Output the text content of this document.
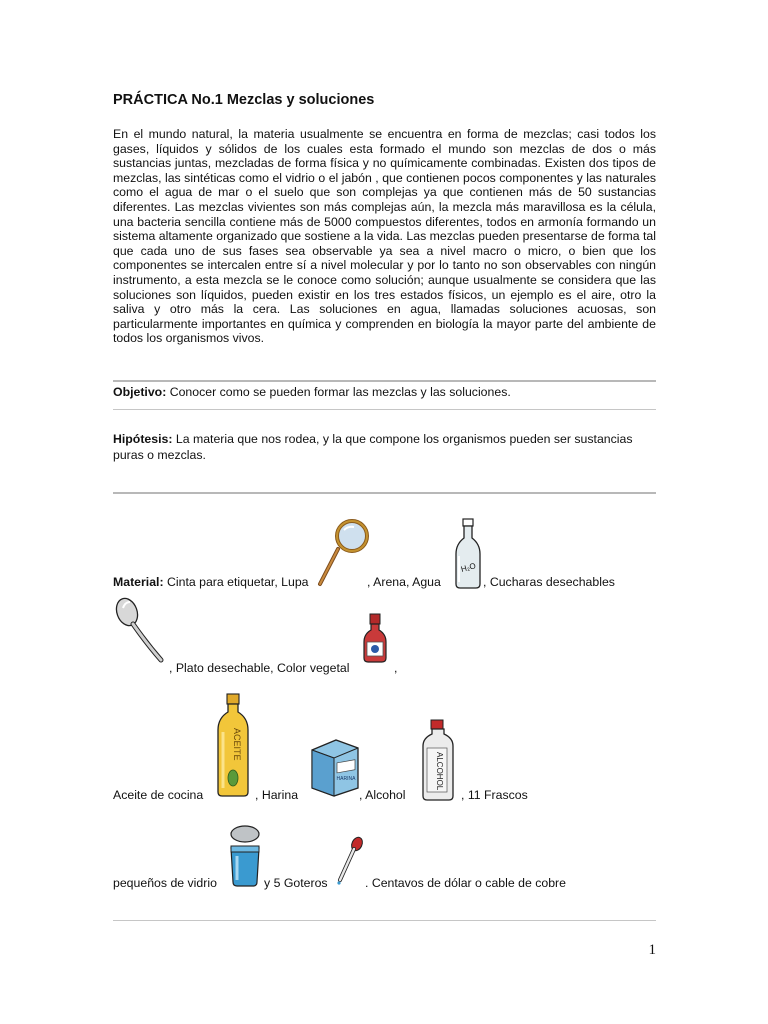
PRÁCTICA No.1 Mezclas y soluciones

En el mundo natural, la materia usualmente se encuentra en forma de mezclas; casi todos los gases, líquidos y sólidos de los cuales esta formado el mundo son mezclas de dos o más sustancias juntas, mezcladas de forma física y no químicamente combinadas. Existen dos tipos de mezclas, las sintéticas como el vidrio o el jabón , que contienen pocos componentes y las naturales como el agua de mar o el suelo que son complejas ya que contienen más de 50 sustancias diferentes. Las mezclas vivientes son más complejas aún, la mezcla más maravillosa es la célula, una bacteria sencilla contiene más de 5000 compuestos diferentes, todos en armonía formando un sistema altamente organizado que sostiene a la vida. Las mezclas pueden presentarse de forma tal que cada uno de sus fases sea observable ya sea a nivel macro o micro, o bien que los componentes se intercalen entre sí a nivel molecular y por lo tanto no son observables con ningún instrumento, a esta mezcla se le conoce como solución; aunque usualmente se considera que las soluciones son líquidos, pueden existir en los tres estados físicos, un ejemplo es el aire, otro la saliva y otro más la cera. Las soluciones en agua, llamadas soluciones acuosas, son particularmente importantes en química y comprenden en biología la mayor parte del ambiente de todos los organismos vivos.

Objetivo: Conocer como se pueden formar las mezclas y las soluciones.

Hipótesis: La materia que nos rodea, y la que compone los organismos pueden ser sustancias puras o mezclas.

Material: Cinta para etiquetar, Lupa	, Arena, Agua
H₂O
, Cucharas desechables
, Plato desechable, Color vegetal	,
Aceite de cocina
ACEITE
, Harina
HARINA
, Alcohol
ALCOHOL
, 11 Frascos
pequeños de vidrio	y 5 Goteros	. Centavos de dólar o cable de cobre
1
